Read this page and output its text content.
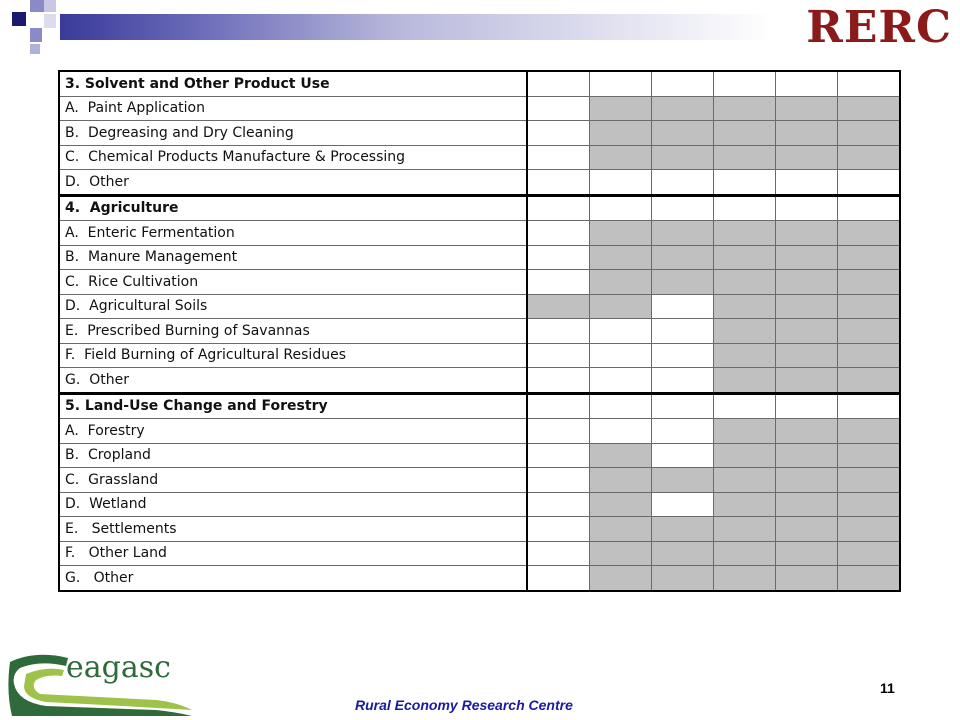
RERC
3. Solvent and Other Product Use						
A.  Paint Application						
B.  Degreasing and Dry Cleaning						
C.  Chemical Products Manufacture & Processing						
D.  Other						
4.  Agriculture						
A.  Enteric Fermentation						
B.  Manure Management						
C.  Rice Cultivation						
D.  Agricultural Soils						
E.  Prescribed Burning of Savannas						
F.  Field Burning of Agricultural Residues						
G.  Other						
5. Land-Use Change and Forestry						
A.  Forestry						
B.  Cropland						
C.  Grassland						
D.  Wetland						
E.   Settlements						
F.   Other Land						
G.   Other						
eagasc
Rural Economy Research Centre
11
